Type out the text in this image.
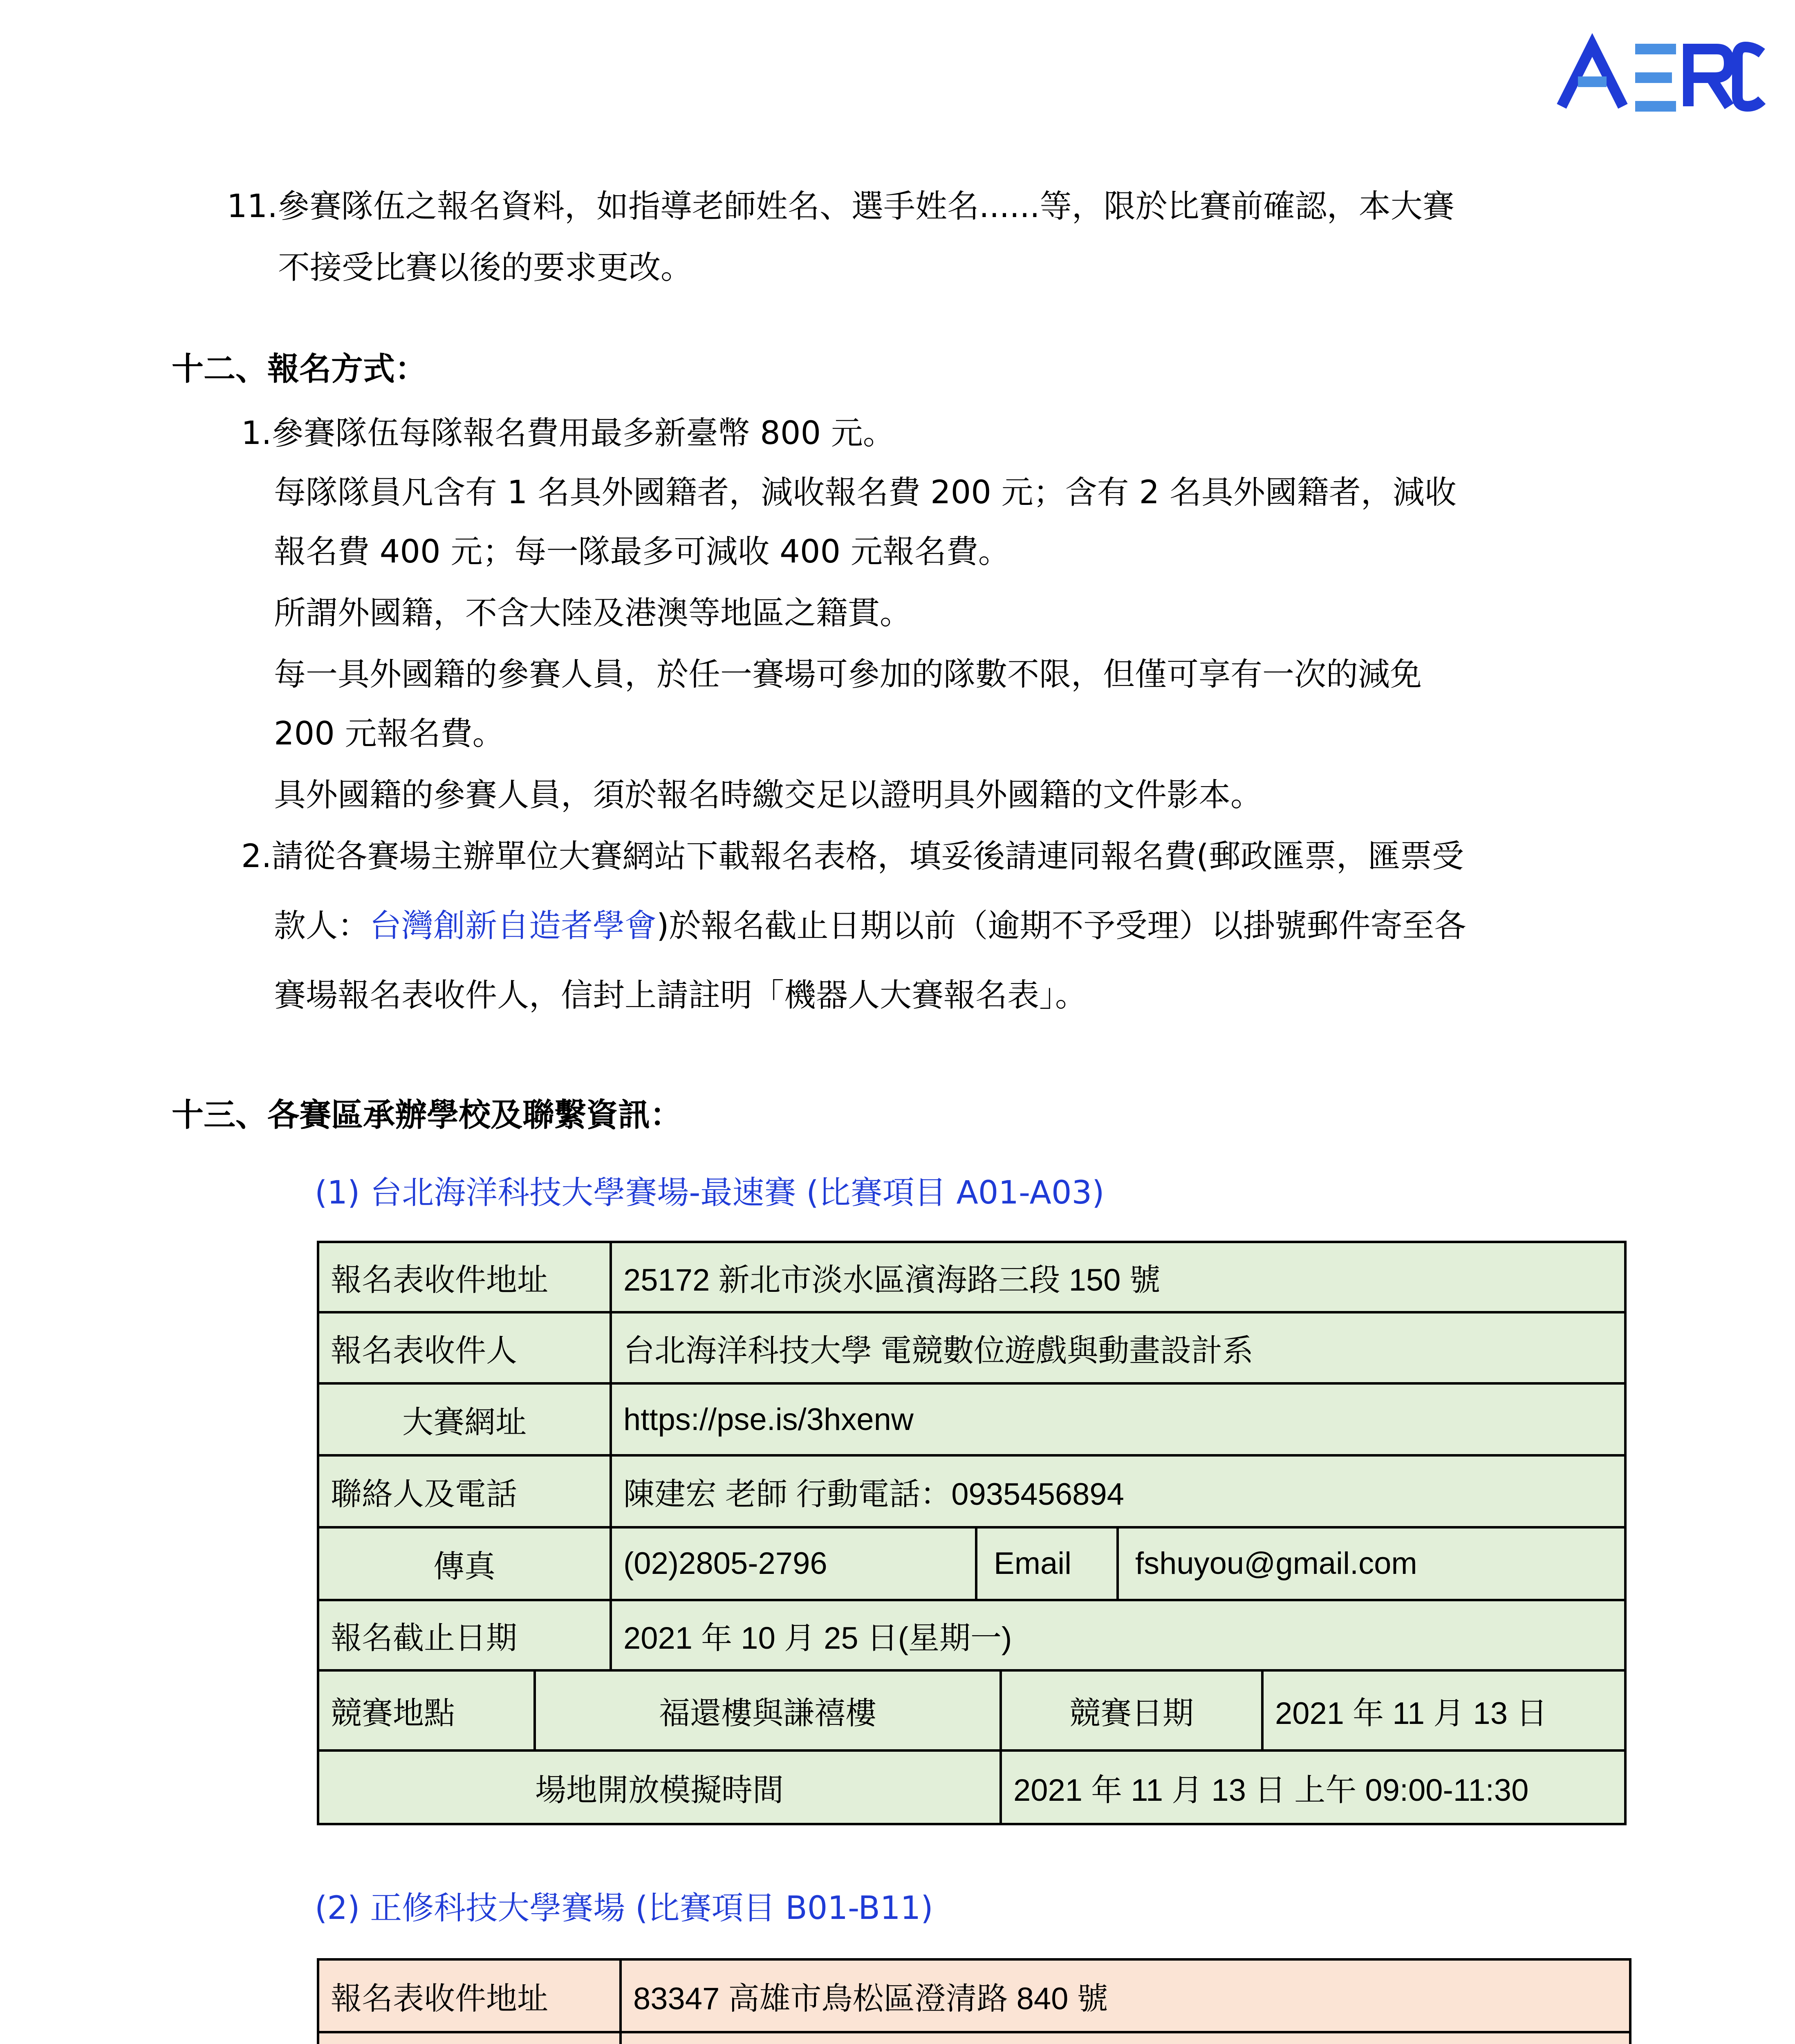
11.參賽隊伍之報名資料，如指導老師姓名、選手姓名......等，限於比賽前確認，本大賽
不接受比賽以後的要求更改。
十二、報名方式：
1.參賽隊伍每隊報名費用最多新臺幣 800 元。
每隊隊員凡含有 1 名具外國籍者，減收報名費 200 元；含有 2 名具外國籍者，減收
報名費 400 元；每一隊最多可減收 400 元報名費。
所謂外國籍，不含大陸及港澳等地區之籍貫。
每一具外國籍的參賽人員，於任一賽場可參加的隊數不限，但僅可享有一次的減免
200 元報名費。
具外國籍的參賽人員，須於報名時繳交足以證明具外國籍的文件影本。
2.請從各賽場主辦單位大賽網站下載報名表格，填妥後請連同報名費(郵政匯票，匯票受
款人：台灣創新自造者學會)於報名截止日期以前（逾期不予受理）以掛號郵件寄至各
賽場報名表收件人，信封上請註明「機器人大賽報名表」。
十三、各賽區承辦學校及聯繫資訊：
(1) 台北海洋科技大學賽場-最速賽 (比賽項目 A01-A03)
報名表收件地址		25172 新北市淡水區濱海路三段 150 號		
報名表收件人		台北海洋科技大學 電競數位遊戲與動畫設計系		
大賽網址		https://pse.is/3hxenw		
聯絡人及電話		陳建宏 老師 行動電話：0935456894		
傳真		(02)2805-2796 Email fshuyou@gmail.com		

報名截止日期		2021 年 10 月 25 日(星期一)		
競賽地點	福還樓與謙禧樓		競賽日期	2021 年 11 月 13 日
場地開放模擬時間			2021 年 11 月 13 日 上午 09:00-11:30	
(2) 正修科技大學賽場 (比賽項目 B01-B11)
報名表收件地址	83347 高雄市鳥松區澄清路 840 號
